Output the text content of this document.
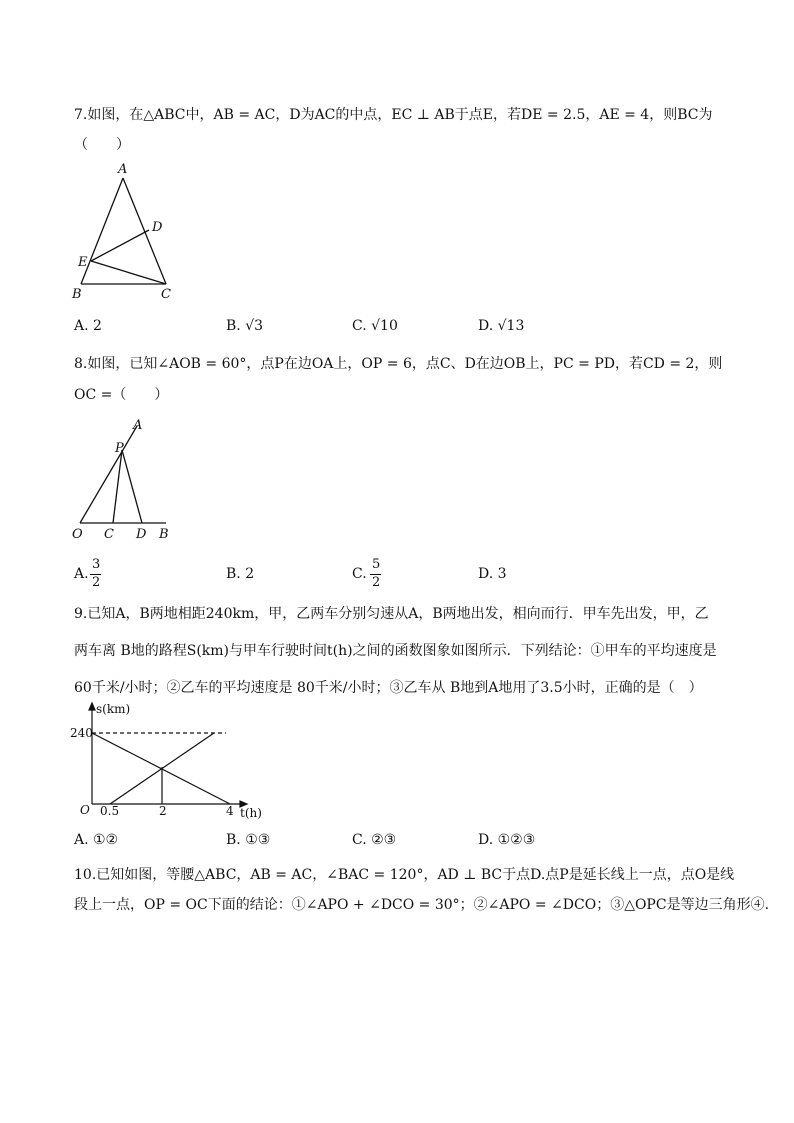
7.如图，在△ABC中，AB = AC，D为AC的中点，EC ⊥ AB于点E，若DE = 2.5，AE = 4，则BC为
（　　）
A
D
E
B	C
A. 2	B. √3	C. √10	D. √13
8.如图，已知∠AOB = 60°，点P在边OA上，OP = 6，点C、D在边OB上，PC = PD，若CD = 2，则
OC =（　　）
A
P
O C D B
A.
3
2
B. 2	C.
5
2
D. 3
9.已知A，B两地相距240km，甲，乙两车分别匀速从A，B两地出发，相向而行．甲车先出发，甲，乙
两车离 B地的路程S(km)与甲车行驶时间t(h)之间的函数图象如图所示．下列结论：①甲车的平均速度是
60千米/小时；②乙车的平均速度是 80千米/小时；③乙车从 B地到A地用了3.5小时，正确的是（　）
s(km)
240
O 0.5	2	4 t(h)
A. ①②	B. ①③	C. ②③	D. ①②③
10.已知如图，等腰△ABC，AB = AC，∠BAC = 120°，AD ⊥ BC于点D.点P是延长线上一点，点O是线
段上一点，OP = OC下面的结论：①∠APO + ∠DCO = 30°；②∠APO = ∠DCO；③△OPC是等边三角形④.
